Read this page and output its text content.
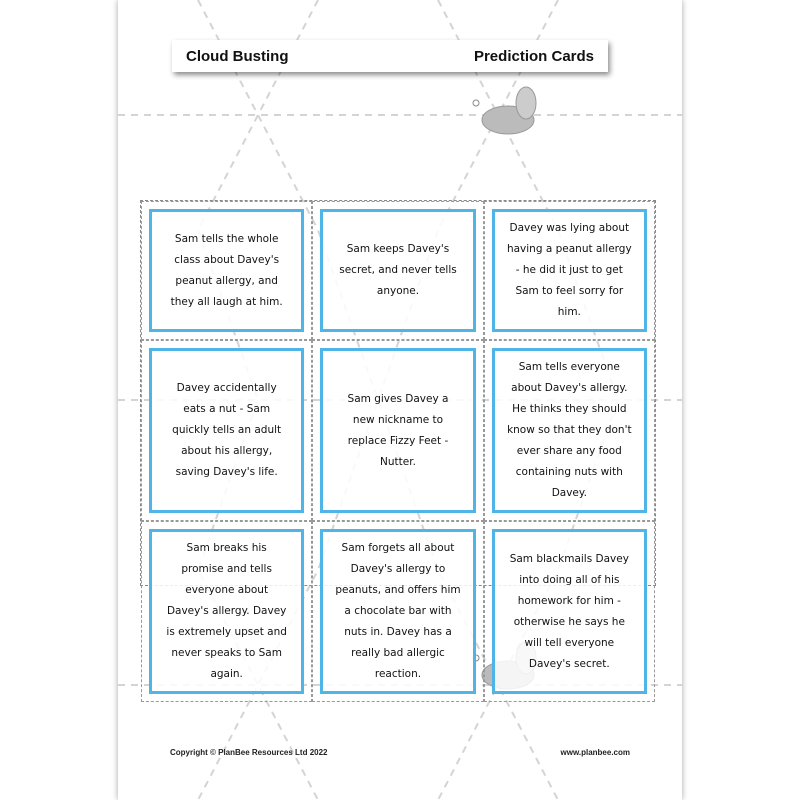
Cloud Busting	Prediction Cards
Sam tells the whole class about Davey's peanut allergy, and they all laugh at him.
Sam keeps Davey's secret, and never tells anyone.
Davey was lying about having a peanut allergy - he did it just to get Sam to feel sorry for him.
Davey accidentally eats a nut - Sam quickly tells an adult about his allergy, saving Davey's life.
Sam gives Davey a new nickname to replace Fizzy Feet - Nutter.
Sam tells everyone about Davey's allergy. He thinks they should know so that they don't ever share any food containing nuts with Davey.
Sam breaks his promise and tells everyone about Davey's allergy. Davey is extremely upset and never speaks to Sam again.
Sam forgets all about Davey's allergy to peanuts, and offers him a chocolate bar with nuts in. Davey has a really bad allergic reaction.
Sam blackmails Davey into doing all of his homework for him - otherwise he says he will tell everyone Davey's secret.
Copyright © PlanBee Resources Ltd 2022	www.planbee.com
